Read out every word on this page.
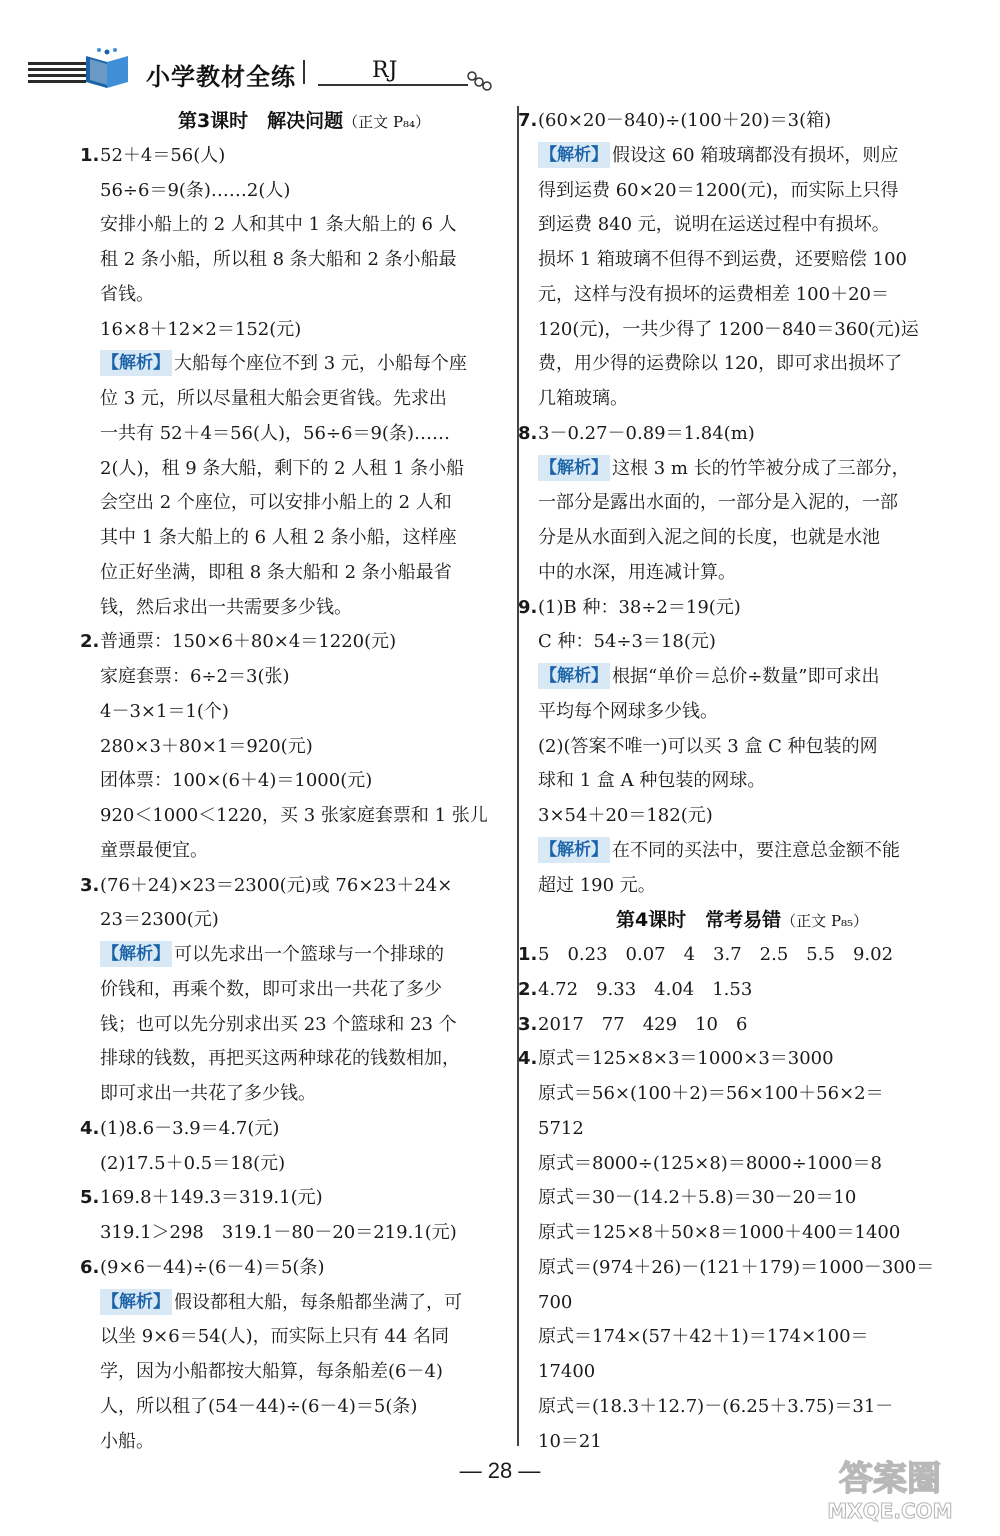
小学教材全练	RJ
第3课时　解决问题（正文 P₈₄）
1.52＋4＝56(人)
56÷6＝9(条)……2(人)
安排小船上的 2 人和其中 1 条大船上的 6 人
租 2 条小船，所以租 8 条大船和 2 条小船最
省钱。
16×8＋12×2＝152(元)
【解析】 大船每个座位不到 3 元，小船每个座
位 3 元，所以尽量租大船会更省钱。先求出
一共有 52＋4＝56(人)，56÷6＝9(条)……
2(人)，租 9 条大船，剩下的 2 人租 1 条小船
会空出 2 个座位，可以安排小船上的 2 人和
其中 1 条大船上的 6 人租 2 条小船，这样座
位正好坐满，即租 8 条大船和 2 条小船最省
钱，然后求出一共需要多少钱。
2.普通票：150×6＋80×4＝1220(元)
家庭套票：6÷2＝3(张)
4－3×1＝1(个)
280×3＋80×1＝920(元)
团体票：100×(6＋4)＝1000(元)
920＜1000＜1220，买 3 张家庭套票和 1 张儿
童票最便宜。
3.(76＋24)×23＝2300(元)或 76×23＋24×
23＝2300(元)
【解析】 可以先求出一个篮球与一个排球的
价钱和，再乘个数，即可求出一共花了多少
钱；也可以先分别求出买 23 个篮球和 23 个
排球的钱数，再把买这两种球花的钱数相加，
即可求出一共花了多少钱。
4.(1)8.6－3.9＝4.7(元)
(2)17.5＋0.5＝18(元)
5.169.8＋149.3＝319.1(元)
319.1＞298　319.1－80－20＝219.1(元)
6.(9×6－44)÷(6－4)＝5(条)
【解析】 假设都租大船，每条船都坐满了，可
以坐 9×6＝54(人)，而实际上只有 44 名同
学，因为小船都按大船算，每条船差(6－4)
人，所以租了(54－44)÷(6－4)＝5(条)
小船。
7.(60×20－840)÷(100＋20)＝3(箱)
【解析】 假设这 60 箱玻璃都没有损坏，则应
得到运费 60×20＝1200(元)，而实际上只得
到运费 840 元，说明在运送过程中有损坏。
损坏 1 箱玻璃不但得不到运费，还要赔偿 100
元，这样与没有损坏的运费相差 100＋20＝
120(元)，一共少得了 1200－840＝360(元)运
费，用少得的运费除以 120，即可求出损坏了
几箱玻璃。
8.3－0.27－0.89＝1.84(m)
【解析】 这根 3 m 长的竹竿被分成了三部分，
一部分是露出水面的，一部分是入泥的，一部
分是从水面到入泥之间的长度，也就是水池
中的水深，用连减计算。
9.(1)B 种：38÷2＝19(元)
C 种：54÷3＝18(元)
【解析】 根据“单价＝总价÷数量”即可求出
平均每个网球多少钱。
(2)(答案不唯一)可以买 3 盒 C 种包装的网
球和 1 盒 A 种包装的网球。
3×54＋20＝182(元)
【解析】 在不同的买法中，要注意总金额不能
超过 190 元。
第4课时　常考易错（正文 P₈₅）
1.5　0.23　0.07　4　3.7　2.5　5.5　9.02
2.4.72　9.33　4.04　1.53
3.2017　77　429　10　6
4.原式＝125×8×3＝1000×3＝3000
原式＝56×(100＋2)＝56×100＋56×2＝
5712
原式＝8000÷(125×8)＝8000÷1000＝8
原式＝30－(14.2＋5.8)＝30－20＝10
原式＝125×8＋50×8＝1000＋400＝1400
原式＝(974＋26)－(121＋179)＝1000－300＝
700
原式＝174×(57＋42＋1)＝174×100＝
17400
原式＝(18.3＋12.7)－(6.25＋3.75)＝31－
10＝21
— 28 —	答案圈
MXQE.COM
